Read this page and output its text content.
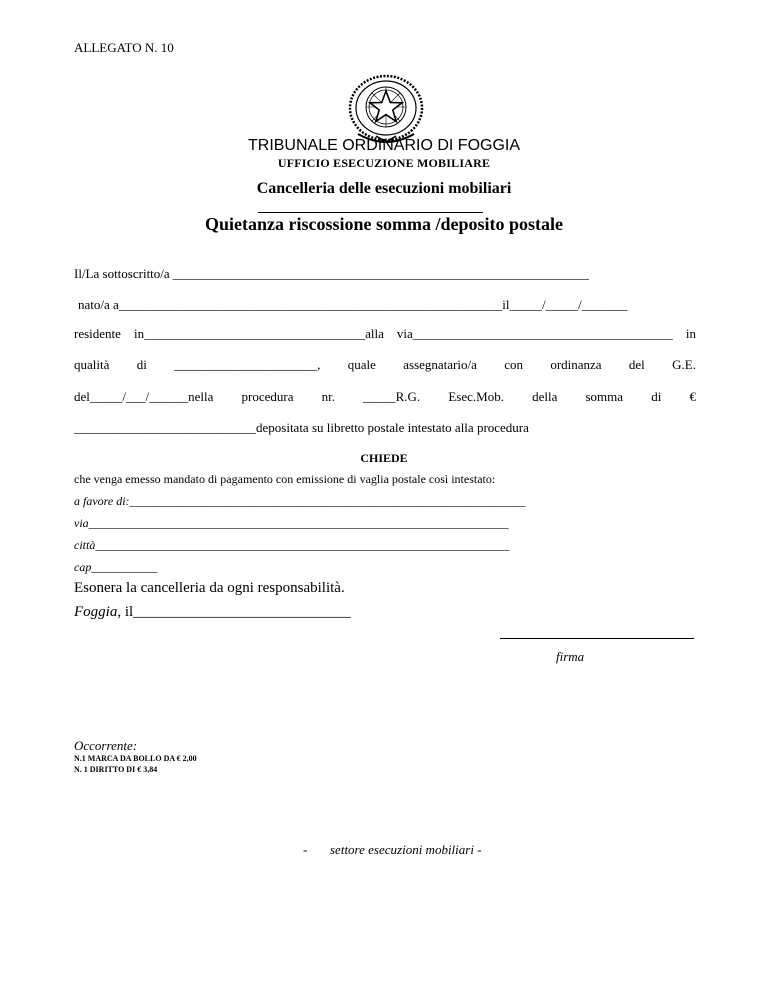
ALLEGATO N. 10
TRIBUNALE ORDINARIO DI FOGGIA
UFFICIO ESECUZIONE MOBILIARE
Cancelleria delle esecuzioni mobiliari
Quietanza riscossione somma /deposito postale
Il/La sottoscritto/a ________________________________________________________________
nato/a a___________________________________________________________il_____/_____/_______
residente in__________________________________alla via________________________________________ in
qualità di ______________________, quale assegnatario/a con ordinanza del G.E.
del_____/___/______nella procedura nr. _____R.G. Esec.Mob. della somma di €
____________________________depositata su libretto postale intestato alla procedura
CHIEDE
che venga emesso mandato di pagamento con emissione di vaglia postale così intestato:
a favore di:__________________________________________________________________
via______________________________________________________________________
città_____________________________________________________________________
cap___________
Esonera la cancelleria da ogni responsabilità.
Foggia, il_____________________________
firma
Occorrente:
N.1 MARCA DA BOLLO DA € 2,00
N. 1 DIRITTO DI € 3,84
- settore esecuzioni mobiliari -
